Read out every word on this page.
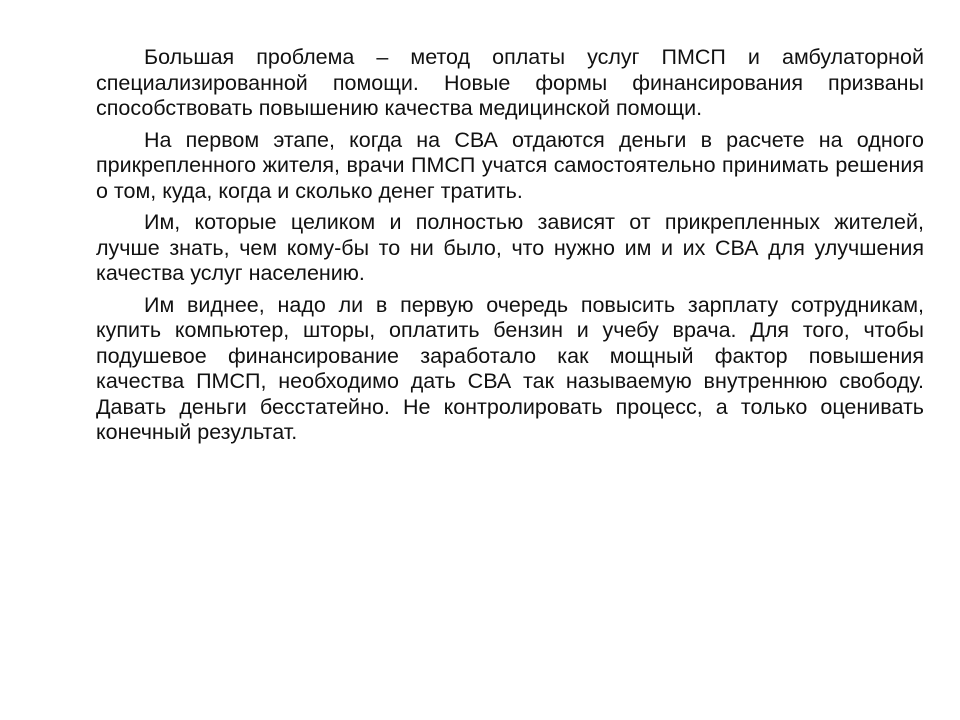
Большая проблема – метод оплаты услуг ПМСП и амбулаторной специализированной помощи. Новые формы финансирования призваны способствовать повышению качества медицинской помощи.

На первом этапе, когда на СВА отдаются деньги в расчете на одного прикрепленного жителя, врачи ПМСП учатся самостоятельно принимать решения о том, куда, когда и сколько денег тратить.

Им, которые целиком и полностью зависят от прикрепленных жителей, лучше знать, чем кому-бы то ни было, что нужно им и их СВА для улучшения качества услуг населению.

Им виднее, надо ли в первую очередь повысить зарплату сотрудникам, купить компьютер, шторы, оплатить бензин и учебу врача. Для того, чтобы подушевое финансирование заработало как мощный фактор повышения качества ПМСП, необходимо дать СВА так называемую внутреннюю свободу. Давать деньги бесстатейно. Не контролировать процесс, а только оценивать конечный результат.
